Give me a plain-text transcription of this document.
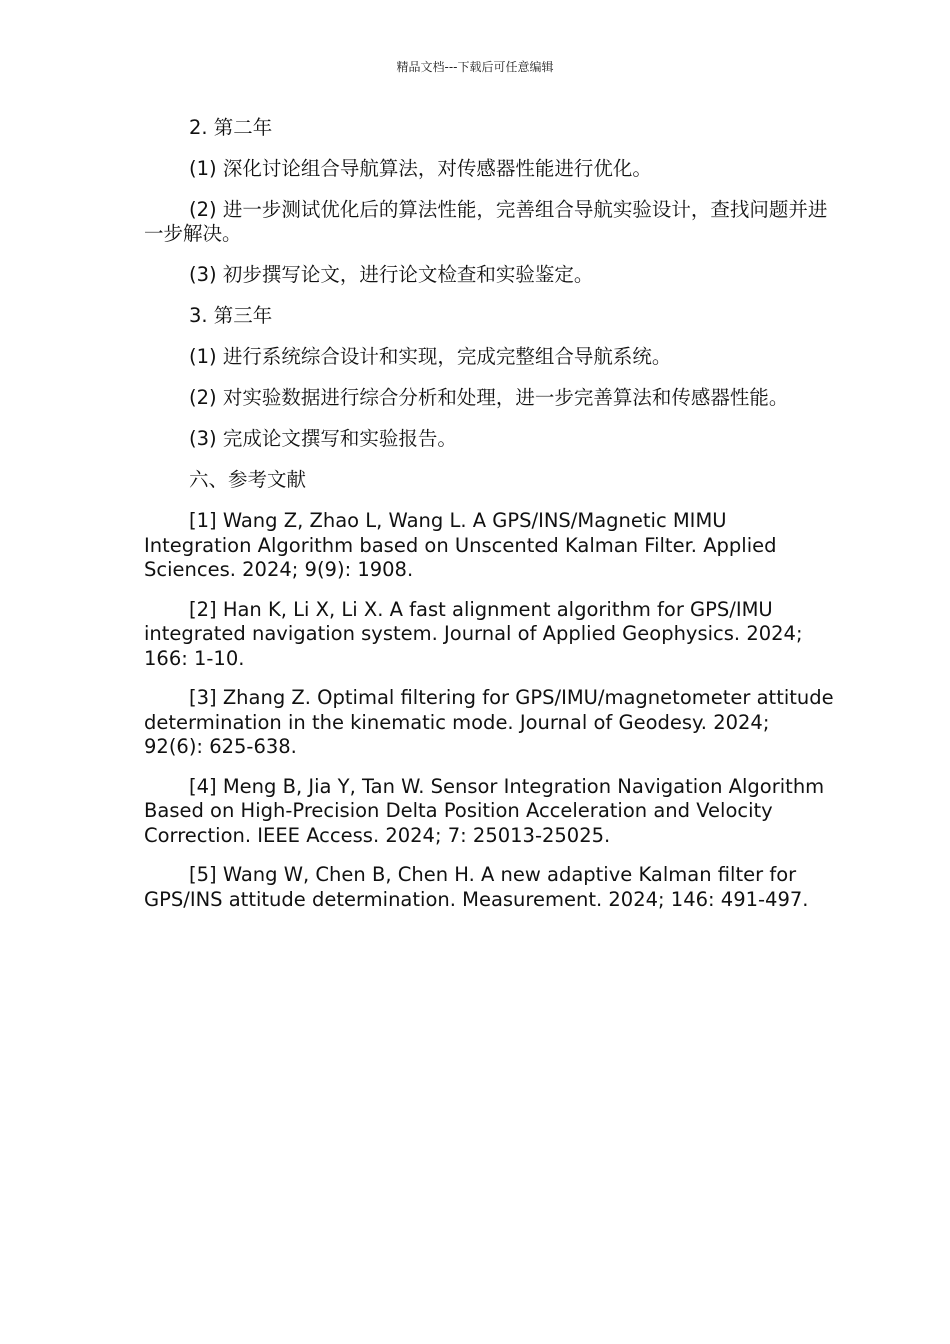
精品文档---下载后可任意编辑

2. 第二年

(1) 深化讨论组合导航算法，对传感器性能进行优化。

(2) 进一步测试优化后的算法性能，完善组合导航实验设计，查找问题并进一步解决。

(3) 初步撰写论文，进行论文检查和实验鉴定。

3. 第三年

(1) 进行系统综合设计和实现，完成完整组合导航系统。

(2) 对实验数据进行综合分析和处理，进一步完善算法和传感器性能。

(3) 完成论文撰写和实验报告。

六、参考文献

[1] Wang Z, Zhao L, Wang L. A GPS/INS/Magnetic MIMU Integration Algorithm based on Unscented Kalman Filter. Applied Sciences. 2024; 9(9): 1908.

[2] Han K, Li X, Li X. A fast alignment algorithm for GPS/IMU integrated navigation system. Journal of Applied Geophysics. 2024; 166: 1-10.

[3] Zhang Z. Optimal filtering for GPS/IMU/magnetometer attitude determination in the kinematic mode. Journal of Geodesy. 2024; 92(6): 625-638.

[4] Meng B, Jia Y, Tan W. Sensor Integration Navigation Algorithm Based on High-Precision Delta Position Acceleration and Velocity Correction. IEEE Access. 2024; 7: 25013-25025.

[5] Wang W, Chen B, Chen H. A new adaptive Kalman filter for GPS/INS attitude determination. Measurement. 2024; 146: 491-497.
